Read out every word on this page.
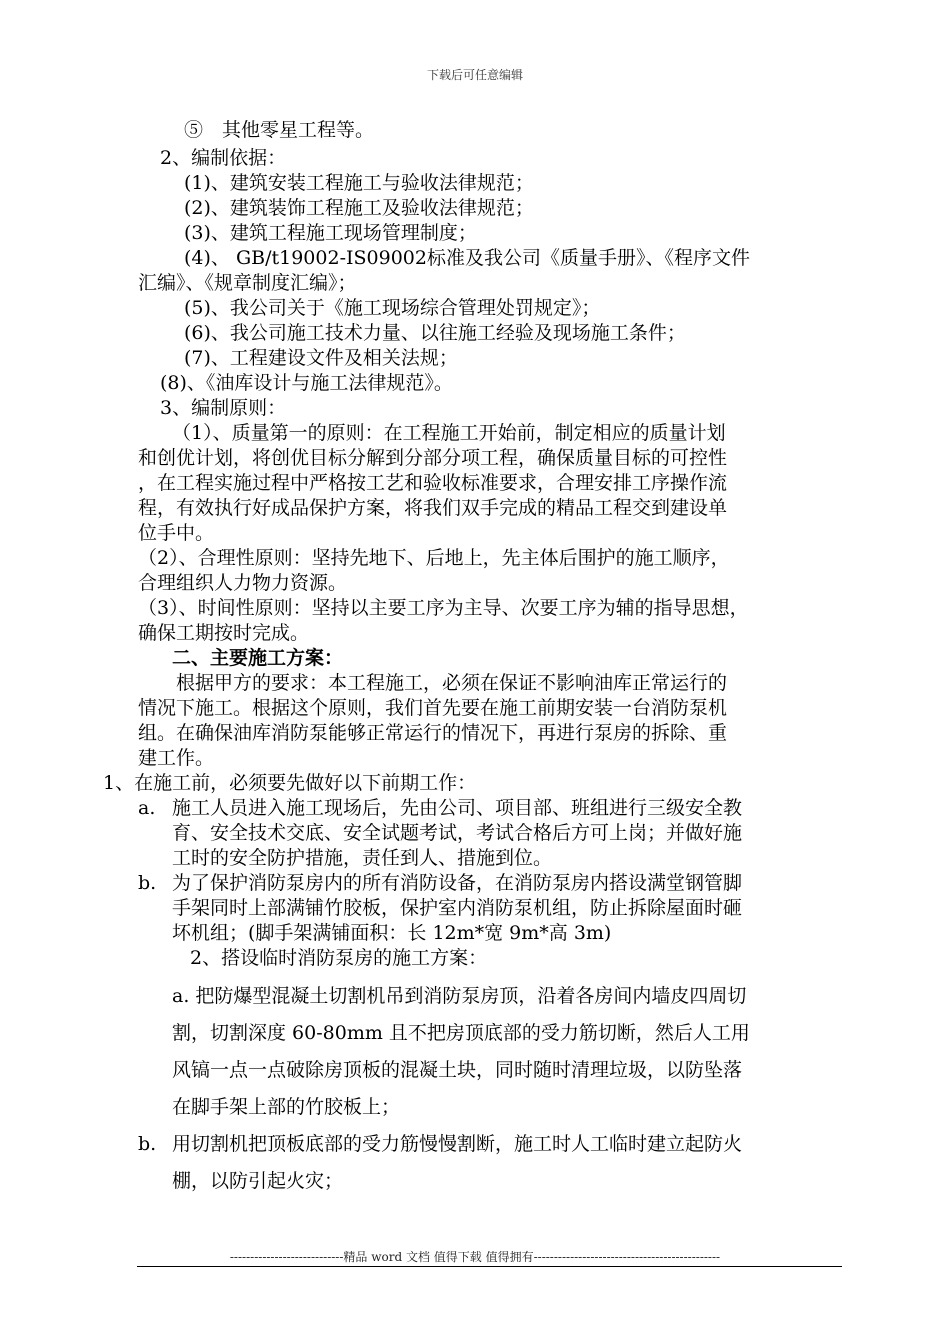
下载后可任意编辑

⑤　其他零星工程等。

2、编制依据：

(1)、建筑安装工程施工与验收法律规范；

(2)、建筑装饰工程施工及验收法律规范；

(3)、建筑工程施工现场管理制度；

(4)、 GB/t19002-IS09002标准及我公司《质量手册》、《程序文件

汇编》、《规章制度汇编》；

(5)、我公司关于《施工现场综合管理处罚规定》；

(6)、我公司施工技术力量、以往施工经验及现场施工条件；

(7)、工程建设文件及相关法规；

(8)、《油库设计与施工法律规范》。

3、编制原则：

（1）、质量第一的原则：在工程施工开始前，制定相应的质量计划

和创优计划，将创优目标分解到分部分项工程，确保质量目标的可控性

，在工程实施过程中严格按工艺和验收标准要求，合理安排工序操作流

程，有效执行好成品保护方案，将我们双手完成的精品工程交到建设单

位手中。

（2）、合理性原则：坚持先地下、后地上，先主体后围护的施工顺序，

合理组织人力物力资源。

（3）、时间性原则：坚持以主要工序为主导、次要工序为辅的指导思想，

确保工期按时完成。

二、主要施工方案：

根据甲方的要求：本工程施工，必须在保证不影响油库正常运行的

情况下施工。根据这个原则，我们首先要在施工前期安装一台消防泵机

组。在确保油库消防泵能够正常运行的情况下，再进行泵房的拆除、重

建工作。

1、在施工前，必须要先做好以下前期工作：

a. 施工人员进入施工现场后，先由公司、项目部、班组进行三级安全教

育、安全技术交底、安全试题考试，考试合格后方可上岗；并做好施

工时的安全防护措施，责任到人、措施到位。

b. 为了保护消防泵房内的所有消防设备，在消防泵房内搭设满堂钢管脚

手架同时上部满铺竹胶板，保护室内消防泵机组，防止拆除屋面时砸

坏机组；(脚手架满铺面积：长 12m*宽 9m*高 3m)

2、搭设临时消防泵房的施工方案：

a. 把防爆型混凝土切割机吊到消防泵房顶，沿着各房间内墙皮四周切

割，切割深度 60-80mm 且不把房顶底部的受力筋切断，然后人工用

风镐一点一点破除房顶板的混凝土块，同时随时清理垃圾，以防坠落

在脚手架上部的竹胶板上；

b. 用切割机把顶板底部的受力筋慢慢割断，施工时人工临时建立起防火

棚，以防引起火灾；

----------------------------精品 word 文档 值得下载 值得拥有----------------------------------------------
